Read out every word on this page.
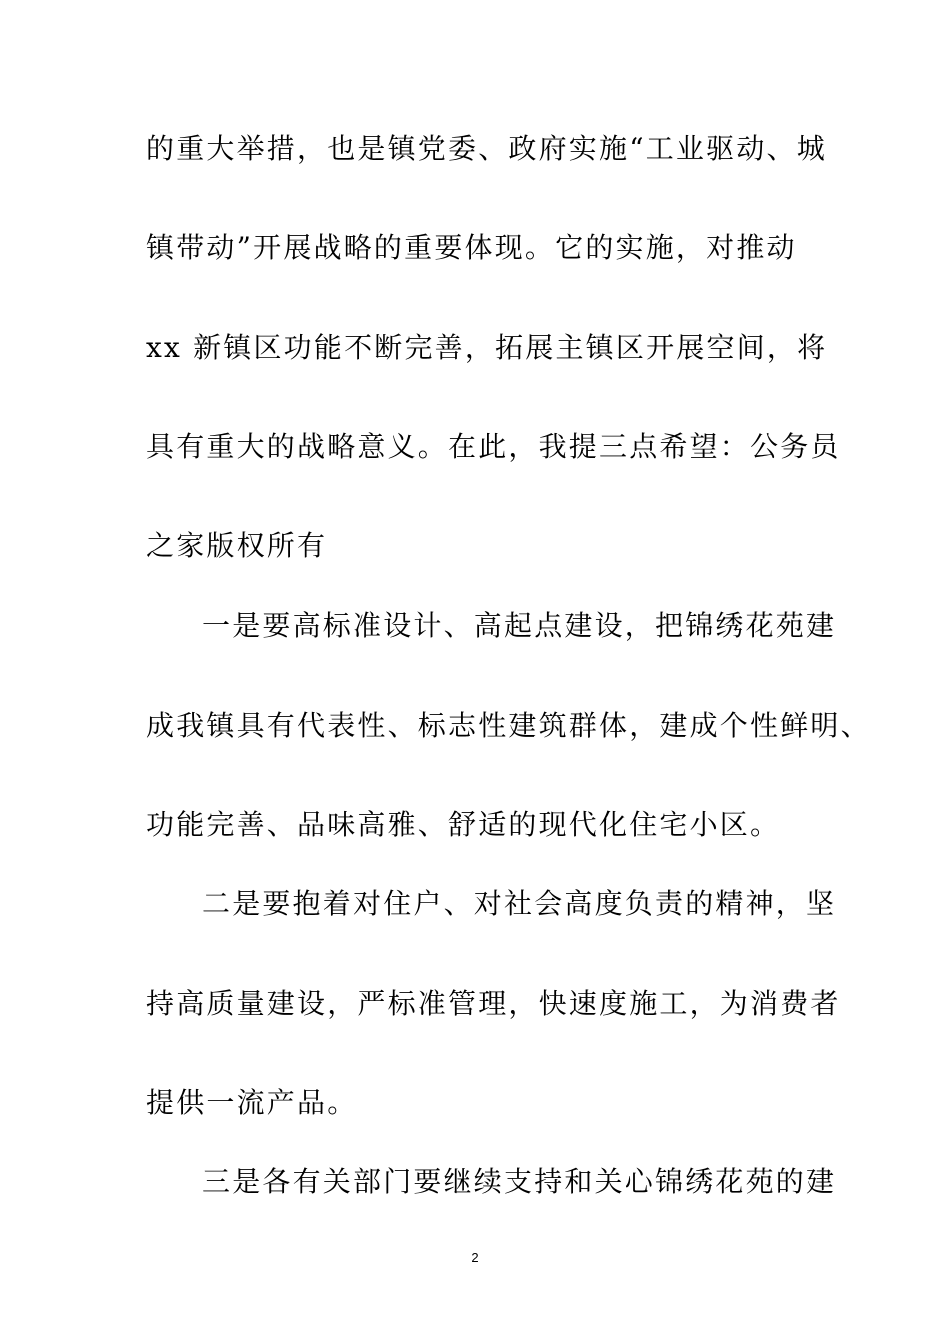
的重大举措，也是镇党委、政府实施“工业驱动、城
镇带动”开展战略的重要体现。它的实施，对推动
xx 新镇区功能不断完善，拓展主镇区开展空间，将
具有重大的战略意义。在此，我提三点希望：公务员
之家版权所有
一是要高标准设计、高起点建设，把锦绣花苑建
成我镇具有代表性、标志性建筑群体，建成个性鲜明、
功能完善、品味高雅、舒适的现代化住宅小区。
二是要抱着对住户、对社会高度负责的精神，坚
持高质量建设，严标准管理，快速度施工，为消费者
提供一流产品。
三是各有关部门要继续支持和关心锦绣花苑的建
2
